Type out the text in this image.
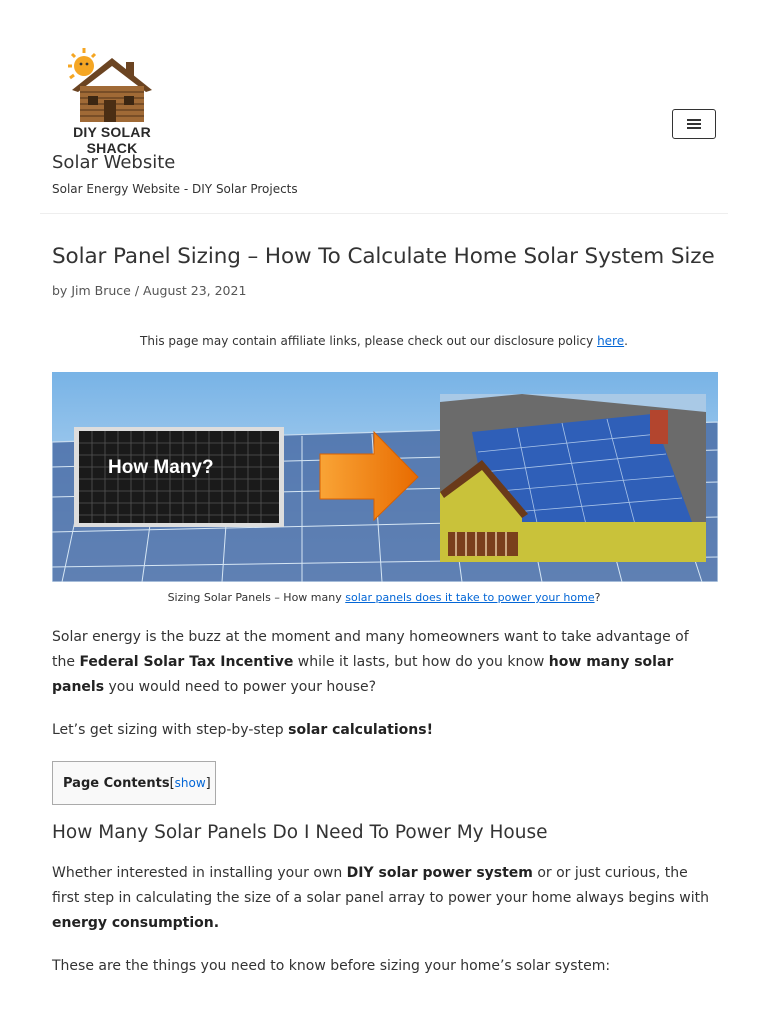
DIY SOLAR SHACK
Solar Website
Solar Energy Website - DIY Solar Projects
Solar Panel Sizing – How To Calculate Home Solar System Size
by Jim Bruce / August 23, 2021
This page may contain affiliate links, please check out our disclosure policy here.
How Many?
Sizing Solar Panels – How many solar panels does it take to power your home?

Solar energy is the buzz at the moment and many homeowners want to take advantage of the Federal Solar Tax Incentive while it lasts, but how do you know how many solar panels you would need to power your house?

Let’s get sizing with step-by-step solar calculations!

Page Contents [ show ]
How Many Solar Panels Do I Need To Power My House

Whether interested in installing your own DIY solar power system or or just curious, the first step in calculating the size of a solar panel array to power your home always begins with energy consumption.

These are the things you need to know before sizing your home’s solar system:
